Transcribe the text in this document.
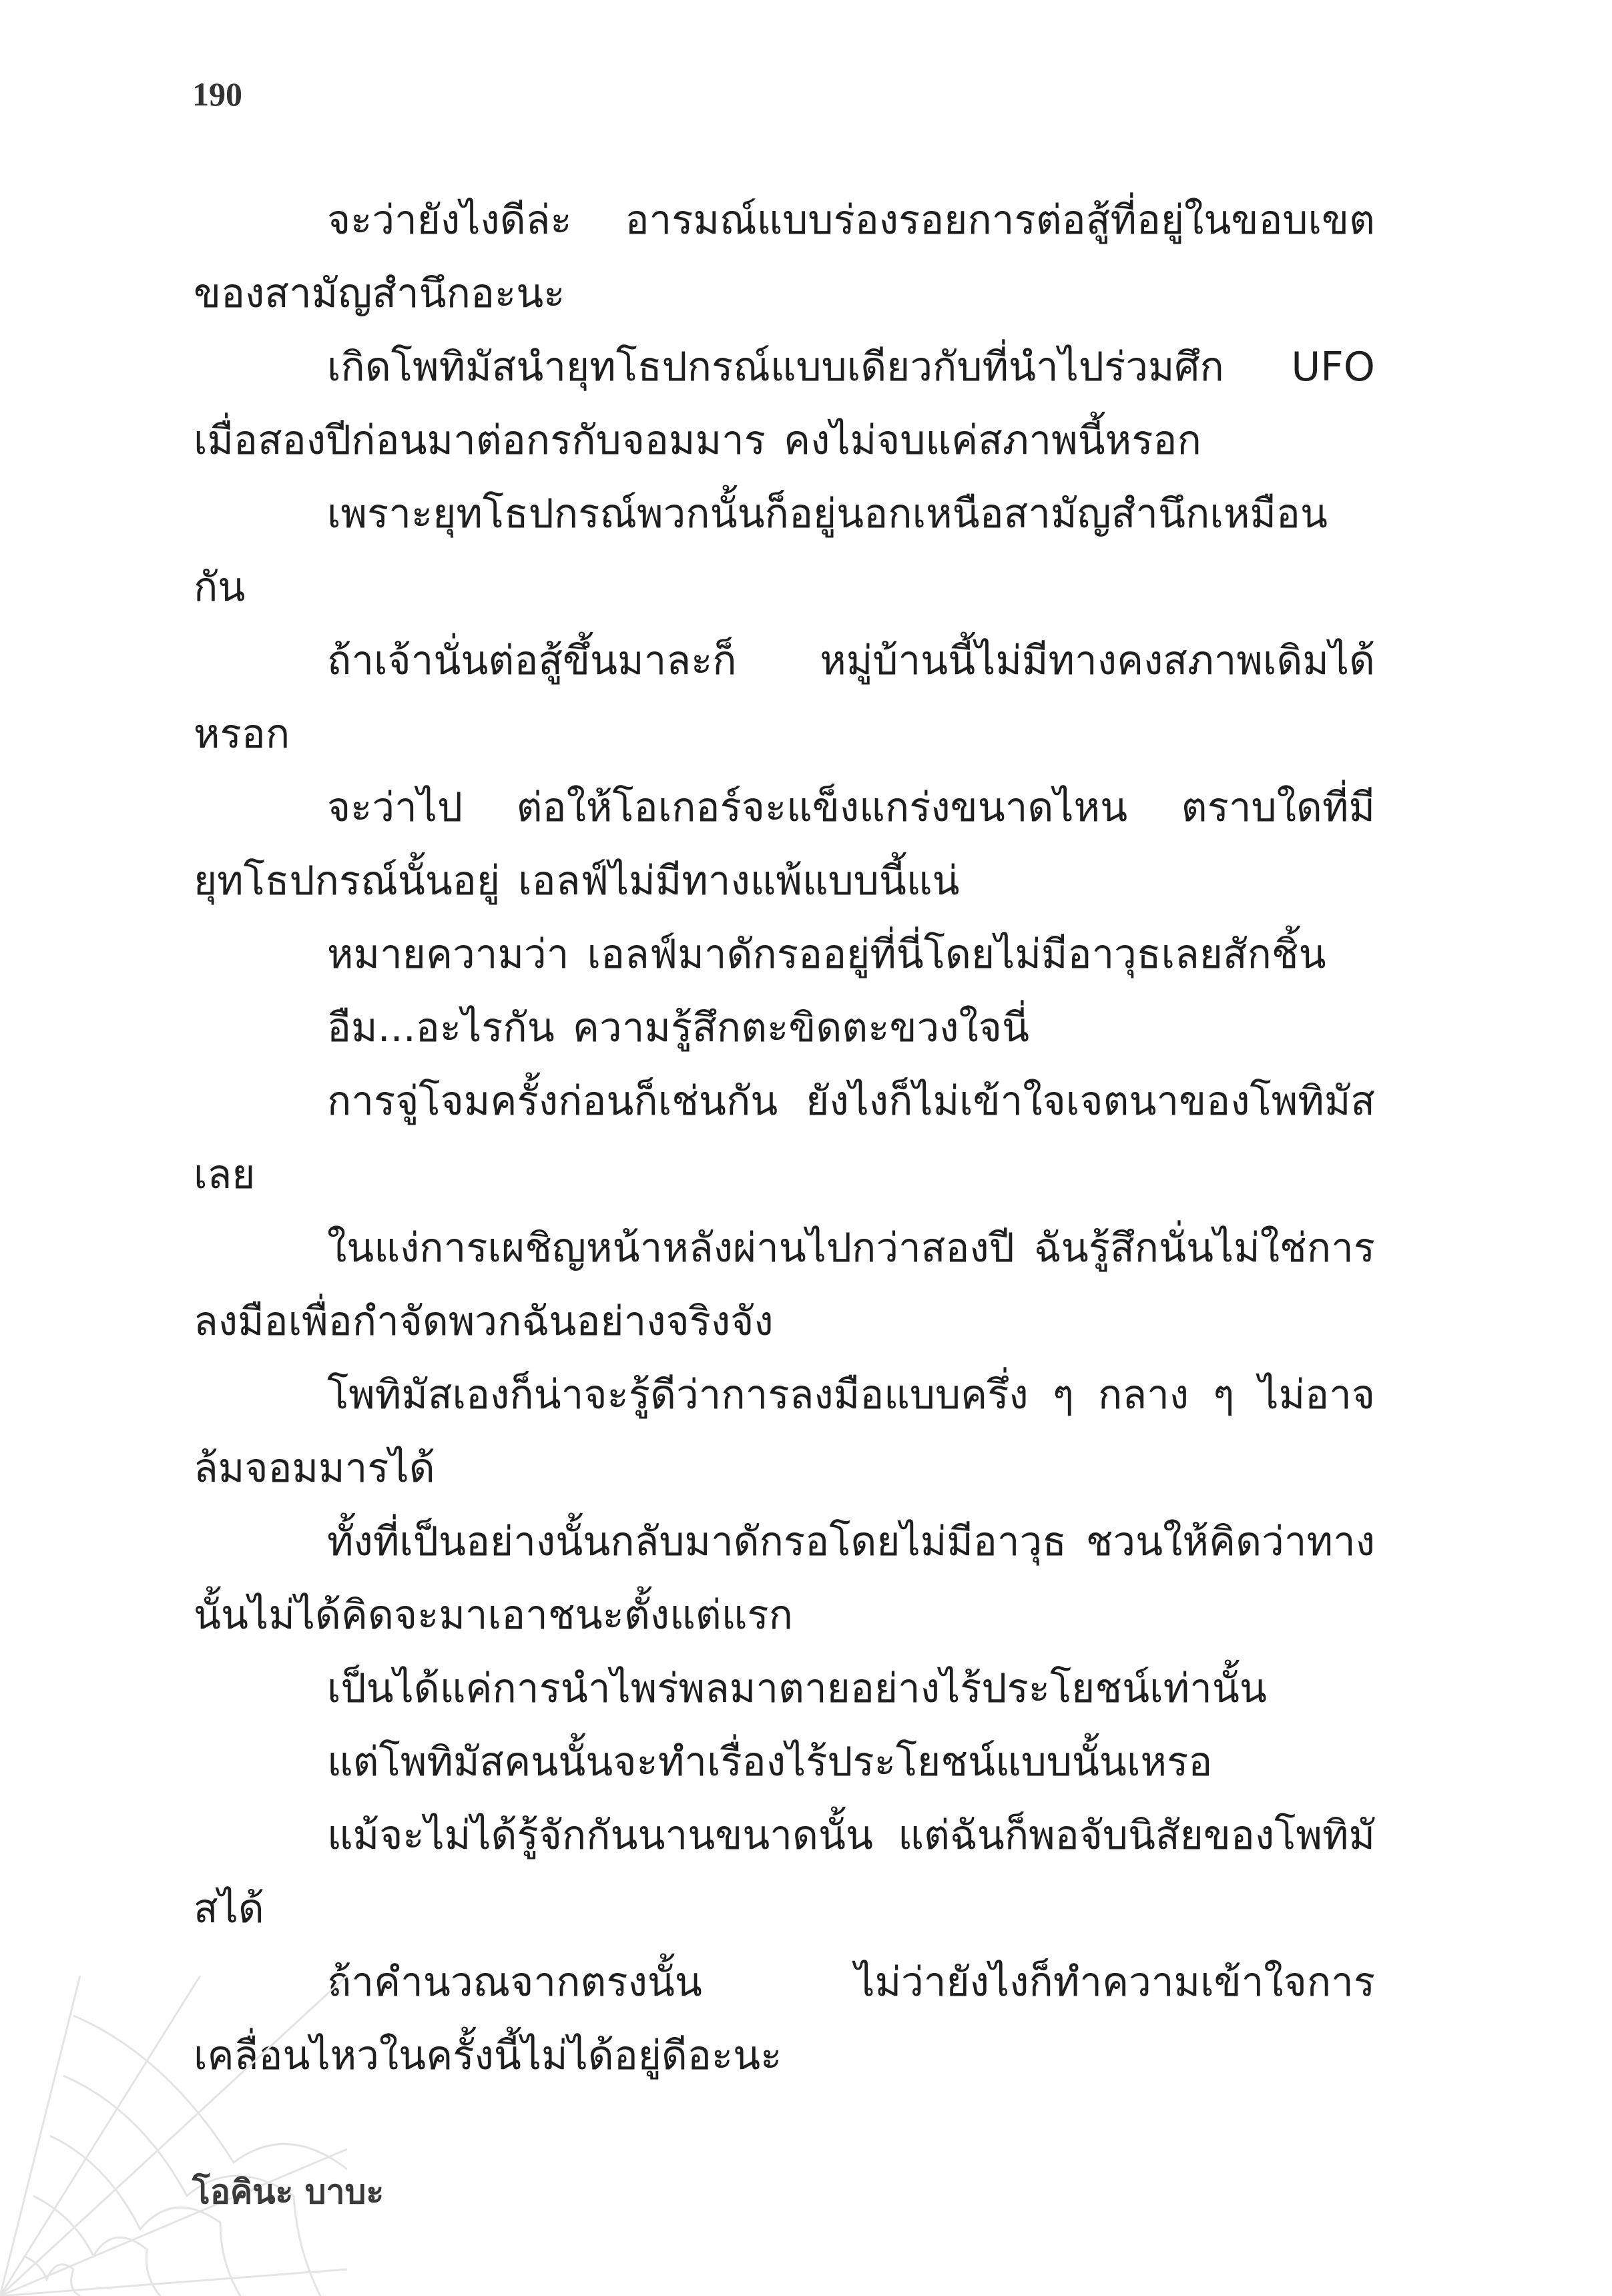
190

จะว่ายังไงดีล่ะ อารมณ์แบบร่องรอยการต่อสู้ที่อยู่ในขอบเขตของสามัญสำนึกอะนะ

เกิดโพทิมัสนำยุทโธปกรณ์แบบเดียวกับที่นำไปร่วมศึก UFO เมื่อสองปีก่อนมาต่อกรกับจอมมาร คงไม่จบแค่สภาพนี้หรอก

เพราะยุทโธปกรณ์พวกนั้นก็อยู่นอกเหนือสามัญสำนึกเหมือนกัน

ถ้าเจ้านั่นต่อสู้ขึ้นมาละก็ หมู่บ้านนี้ไม่มีทางคงสภาพเดิมได้หรอก

จะว่าไป ต่อให้โอเกอร์จะแข็งแกร่งขนาดไหน ตราบใดที่มียุทโธปกรณ์นั้นอยู่ เอลฟ์ไม่มีทางแพ้แบบนี้แน่

หมายความว่า เอลฟ์มาดักรออยู่ที่นี่โดยไม่มีอาวุธเลยสักชิ้น

อืม...อะไรกัน ความรู้สึกตะขิดตะขวงใจนี่

การจู่โจมครั้งก่อนก็เช่นกัน ยังไงก็ไม่เข้าใจเจตนาของโพทิมัสเลย

ในแง่การเผชิญหน้าหลังผ่านไปกว่าสองปี ฉันรู้สึกนั่นไม่ใช่การลงมือเพื่อกำจัดพวกฉันอย่างจริงจัง

โพทิมัสเองก็น่าจะรู้ดีว่าการลงมือแบบครึ่ง ๆ กลาง ๆ ไม่อาจล้มจอมมารได้

ทั้งที่เป็นอย่างนั้นกลับมาดักรอโดยไม่มีอาวุธ ชวนให้คิดว่าทางนั้นไม่ได้คิดจะมาเอาชนะตั้งแต่แรก

เป็นได้แค่การนำไพร่พลมาตายอย่างไร้ประโยชน์เท่านั้น

แต่โพทิมัสคนนั้นจะทำเรื่องไร้ประโยชน์แบบนั้นเหรอ

แม้จะไม่ได้รู้จักกันนานขนาดนั้น แต่ฉันก็พอจับนิสัยของโพทิมัสได้

ถ้าคำนวณจากตรงนั้น ไม่ว่ายังไงก็ทำความเข้าใจการเคลื่อนไหวในครั้งนี้ไม่ได้อยู่ดีอะนะ

โอคินะ บาบะ
